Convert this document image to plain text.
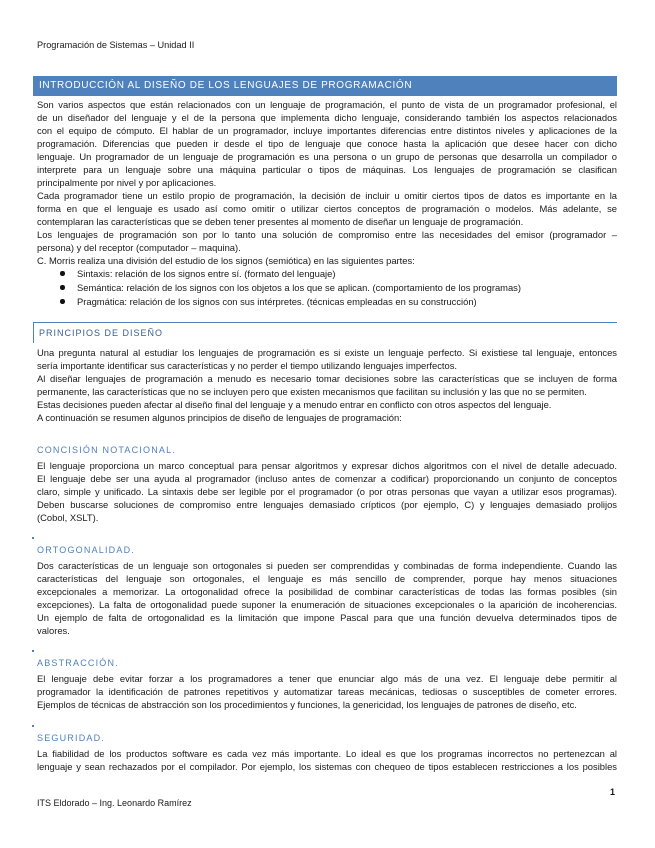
Programación de Sistemas – Unidad II
INTRODUCCIÓN AL DISEÑO DE LOS LENGUAJES DE PROGRAMACIÓN
Son varios aspectos que están relacionados con un lenguaje de programación, el punto de vista de un programador profesional, el
de un diseñador del lenguaje y el de la persona que implementa dicho lenguaje, considerando también los aspectos relacionados
con el equipo de cómputo. El hablar de un programador, incluye importantes diferencias entre distintos niveles y aplicaciones de la
programación. Diferencias que pueden ir desde el tipo de lenguaje que conoce hasta la aplicación que desee hacer con dicho
lenguaje. Un programador de un lenguaje de programación es una persona o un grupo de personas que desarrolla un compilador o
interprete para un lenguaje sobre una máquina particular o tipos de máquinas. Los lenguajes de programación se clasifican
principalmente por nivel y por aplicaciones.
Cada programador tiene un estilo propio de programación, la decisión de incluir u omitir ciertos tipos de datos es importante en la
forma en que el lenguaje es usado así como omitir o utilizar ciertos conceptos de programación o modelos. Más adelante, se
contemplaran las características que se deben tener presentes al momento de diseñar un lenguaje de programación.
Los lenguajes de programación son por lo tanto una solución de compromiso entre las necesidades del emisor (programador –
persona) y del receptor (computador – maquina).
C. Morris realiza una división del estudio de los signos (semiótica) en las siguientes partes:
Sintaxis: relación de los signos entre sí. (formato del lenguaje)
Semántica: relación de los signos con los objetos a los que se aplican. (comportamiento de los programas)
Pragmática: relación de los signos con sus intérpretes. (técnicas empleadas en su construcción)
PRINCIPIOS DE DISEÑO
Una pregunta natural al estudiar los lenguajes de programación es si existe un lenguaje perfecto. Si existiese tal lenguaje, entonces
sería importante identificar sus características y no perder el tiempo utilizando lenguajes imperfectos.
Al diseñar lenguajes de programación a menudo es necesario tomar decisiones sobre las características que se incluyen de forma
permanente, las características que no se incluyen pero que existen mecanismos que facilitan su inclusión y las que no se permiten.
Estas decisiones pueden afectar al diseño final del lenguaje y a menudo entrar en conflicto con otros aspectos del lenguaje.
A continuación se resumen algunos principios de diseño de lenguajes de programación:
CONCISIÓN NOTACIONAL.
El lenguaje proporciona un marco conceptual para pensar algoritmos y expresar dichos algoritmos con el nivel de detalle adecuado.
El lenguaje debe ser una ayuda al programador (incluso antes de comenzar a codificar) proporcionando un conjunto de conceptos
claro, simple y unificado. La sintaxis debe ser legible por el programador (o por otras personas que vayan a utilizar esos programas).
Deben buscarse soluciones de compromiso entre lenguajes demasiado crípticos (por ejemplo, C) y lenguajes demasiado prolijos
(Cobol, XSLT).
ORTOGONALIDAD.
Dos características de un lenguaje son ortogonales si pueden ser comprendidas y combinadas de forma independiente. Cuando las
características del lenguaje son ortogonales, el lenguaje es más sencillo de comprender, porque hay menos situaciones
excepcionales a memorizar. La ortogonalidad ofrece la posibilidad de combinar características de todas las formas posibles (sin
excepciones). La falta de ortogonalidad puede suponer la enumeración de situaciones excepcionales o la aparición de incoherencias.
Un ejemplo de falta de ortogonalidad es la limitación que impone Pascal para que una función devuelva determinados tipos de
valores.
ABSTRACCIÓN.
El lenguaje debe evitar forzar a los programadores a tener que enunciar algo más de una vez. El lenguaje debe permitir al
programador la identificación de patrones repetitivos y automatizar tareas mecánicas, tediosas o susceptibles de cometer errores.
Ejemplos de técnicas de abstracción son los procedimientos y funciones, la genericidad, los lenguajes de patrones de diseño, etc.
SEGURIDAD.
La fiabilidad de los productos software es cada vez más importante. Lo ideal es que los programas incorrectos no pertenezcan al
lenguaje y sean rechazados por el compilador. Por ejemplo, los sistemas con chequeo de tipos establecen restricciones a los posibles
1
ITS Eldorado – Ing. Leonardo Ramírez
